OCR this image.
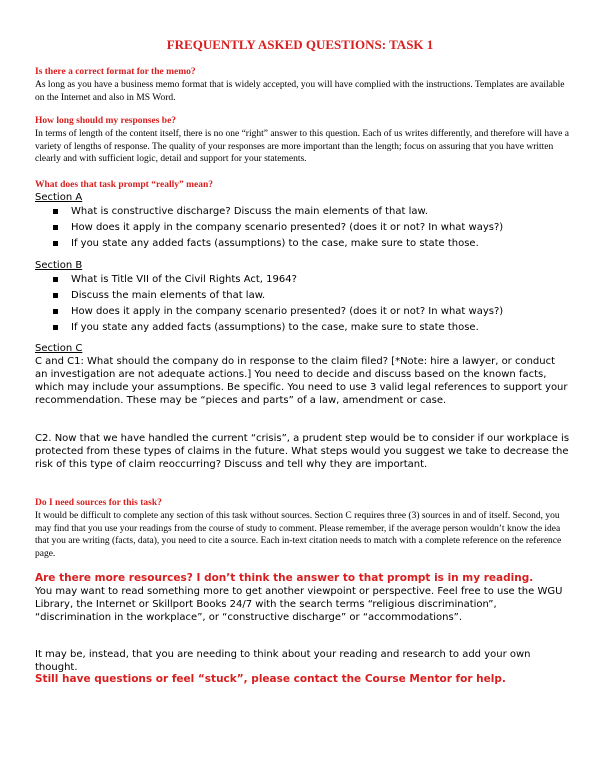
FREQUENTLY ASKED QUESTIONS: TASK 1
Is there a correct format for the memo?
As long as you have a business memo format that is widely accepted, you will have complied with the instructions. Templates are available on the Internet and also in MS Word.
How long should my responses be?
In terms of length of the content itself, there is no one “right” answer to this question. Each of us writes differently, and therefore will have a variety of lengths of response. The quality of your responses are more important than the length; focus on assuring that you have written clearly and with sufficient logic, detail and support for your statements.
What does that task prompt “really” mean?
Section A
What is constructive discharge? Discuss the main elements of that law.
How does it apply in the company scenario presented? (does it or not? In what ways?)
If you state any added facts (assumptions) to the case, make sure to state those.
Section B
What is Title VII of the Civil Rights Act, 1964?
Discuss the main elements of that law.
How does it apply in the company scenario presented? (does it or not? In what ways?)
If you state any added facts (assumptions) to the case, make sure to state those.
Section C
C and C1: What should the company do in response to the claim filed? [*Note: hire a lawyer, or conduct an investigation are not adequate actions.] You need to decide and discuss based on the known facts, which may include your assumptions. Be specific. You need to use 3 valid legal references to support your recommendation. These may be “pieces and parts” of a law, amendment or case.
C2. Now that we have handled the current “crisis”, a prudent step would be to consider if our workplace is protected from these types of claims in the future. What steps would you suggest we take to decrease the risk of this type of claim reoccurring? Discuss and tell why they are important.
Do I need sources for this task?
It would be difficult to complete any section of this task without sources. Section C requires three (3) sources in and of itself. Second, you may find that you use your readings from the course of study to comment. Please remember, if the average person wouldn’t know the idea that you are writing (facts, data), you need to cite a source. Each in-text citation needs to match with a complete reference on the reference page.
Are there more resources? I don’t think the answer to that prompt is in my reading.
You may want to read something more to get another viewpoint or perspective. Feel free to use the WGU Library, the Internet or Skillport Books 24/7 with the search terms “religious discrimination”, “discrimination in the workplace”, or “constructive discharge” or “accommodations”.
It may be, instead, that you are needing to think about your reading and research to add your own thought.
Still have questions or feel “stuck”, please contact the Course Mentor for help.
